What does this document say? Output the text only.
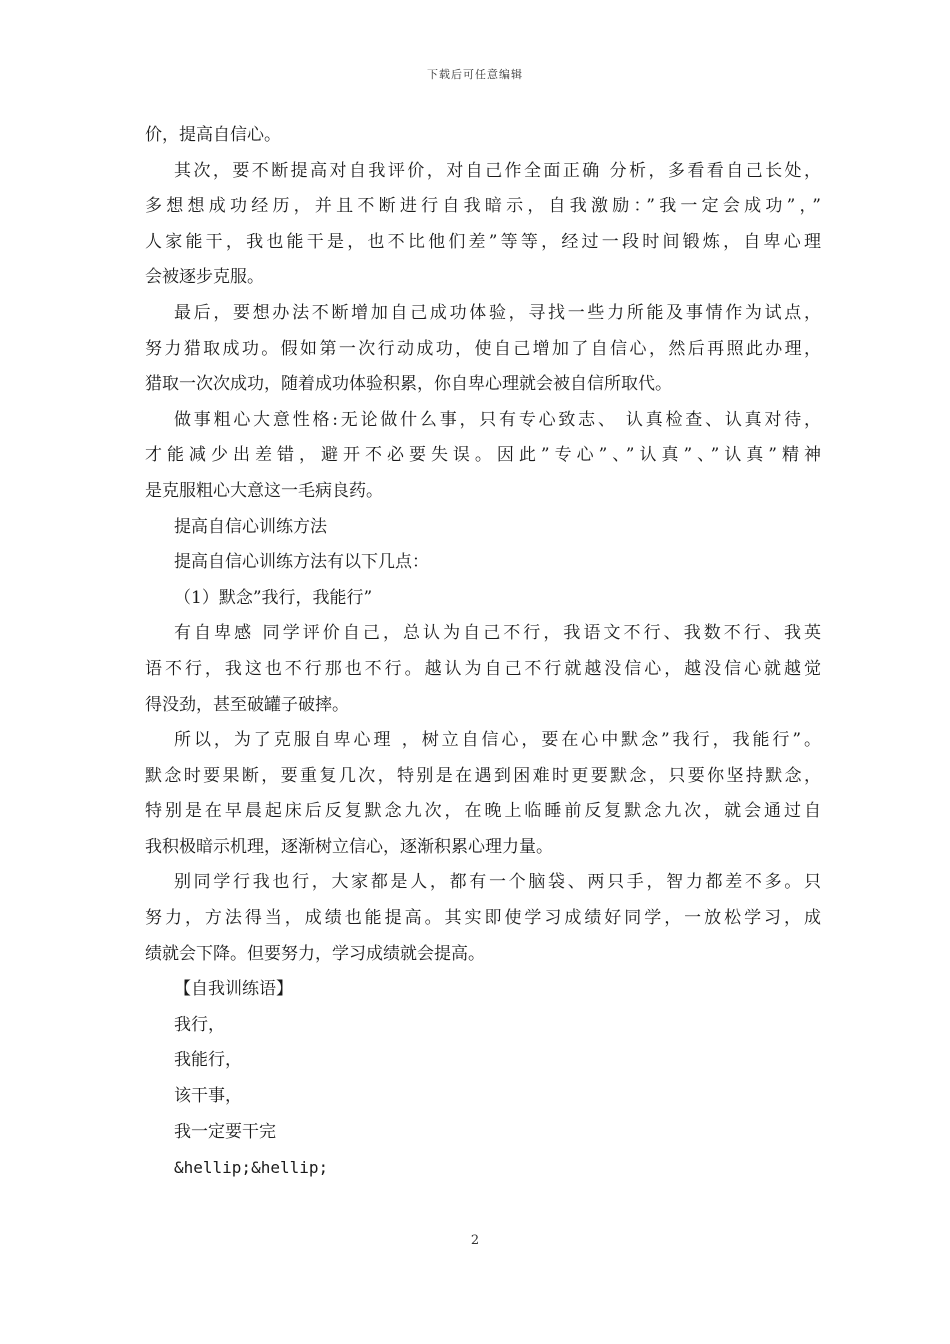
下载后可任意编辑
价，提高自信心。
其次，要不断提高对自我评价，对自己作全面正确 分析，多看看自己长处，
多想想成功经历，并且不断进行自我暗示，自我激励：”我一定会成功”，”
人家能干，我也能干是，也不比他们差”等等，经过一段时间锻炼，自卑心理
会被逐步克服。
最后，要想办法不断增加自己成功体验，寻找一些力所能及事情作为试点，
努力猎取成功。假如第一次行动成功，使自己增加了自信心，然后再照此办理，
猎取一次次成功，随着成功体验积累，你自卑心理就会被自信所取代。
做事粗心大意性格:无论做什么事，只有专心致志、 认真检查、认真对待，
才能减少出差错，避开不必要失误。因此”专心”、”认真”、”认真”精神
是克服粗心大意这一毛病良药。
提高自信心训练方法
提高自信心训练方法有以下几点：
（1）默念”我行，我能行”
有自卑感 同学评价自己，总认为自己不行，我语文不行、我数不行、我英
语不行，我这也不行那也不行。越认为自己不行就越没信心，越没信心就越觉
得没劲，甚至破罐子破摔。
所以，为了克服自卑心理 ，树立自信心，要在心中默念”我行，我能行”。
默念时要果断，要重复几次，特别是在遇到困难时更要默念，只要你坚持默念，
特别是在早晨起床后反复默念九次，在晚上临睡前反复默念九次，就会通过自
我积极暗示机理，逐渐树立信心，逐渐积累心理力量。
别同学行我也行，大家都是人，都有一个脑袋、两只手，智力都差不多。只
努力，方法得当，成绩也能提高。其实即使学习成绩好同学，一放松学习，成
绩就会下降。但要努力，学习成绩就会提高。
【自我训练语】
我行，
我能行，
该干事，
我一定要干完
&hellip;&hellip;
2
